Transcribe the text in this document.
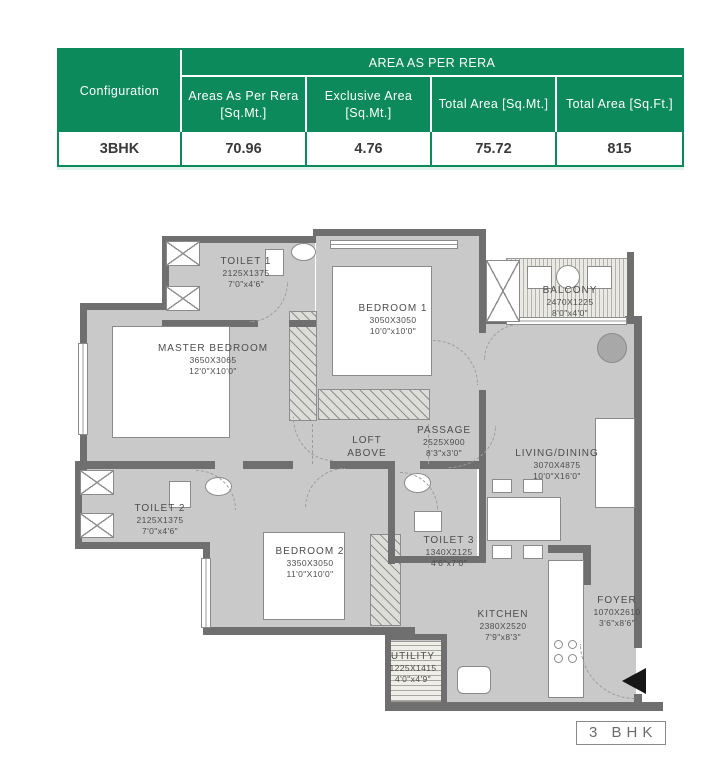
Configuration	AREA AS PER RERA			
	Areas As Per Rera [Sq.Mt.]	Exclusive Area [Sq.Mt.]	Total Area [Sq.Mt.]	Total Area [Sq.Ft.]
3BHK	70.96	4.76	75.72	815
TOILET 1
2125X1375
7'0"x4'6"
MASTER BEDROOM
3650X3065
12'0"X10'0"
BEDROOM 1
3050X3050
10'0"x10'0"
BALCONY
2470X1225
8'0"x4'0"
LIVING/DINING
3070X4875
10'0"X16'0"
LOFT ABOVE
PASSAGE
2525X900
8'3"x3'0"
TOILET 2
2125X1375
7'0"x4'6"
BEDROOM 2
3350X3050
11'0"X10'0"
TOILET 3
1340X2125
4'6"x7'0"
KITCHEN
2380X2520
7'9"x8'3"
UTILITY
1225X1415
4'0"x4'9"
FOYER
1070X2610
3'6"x8'6"
3 BHK
